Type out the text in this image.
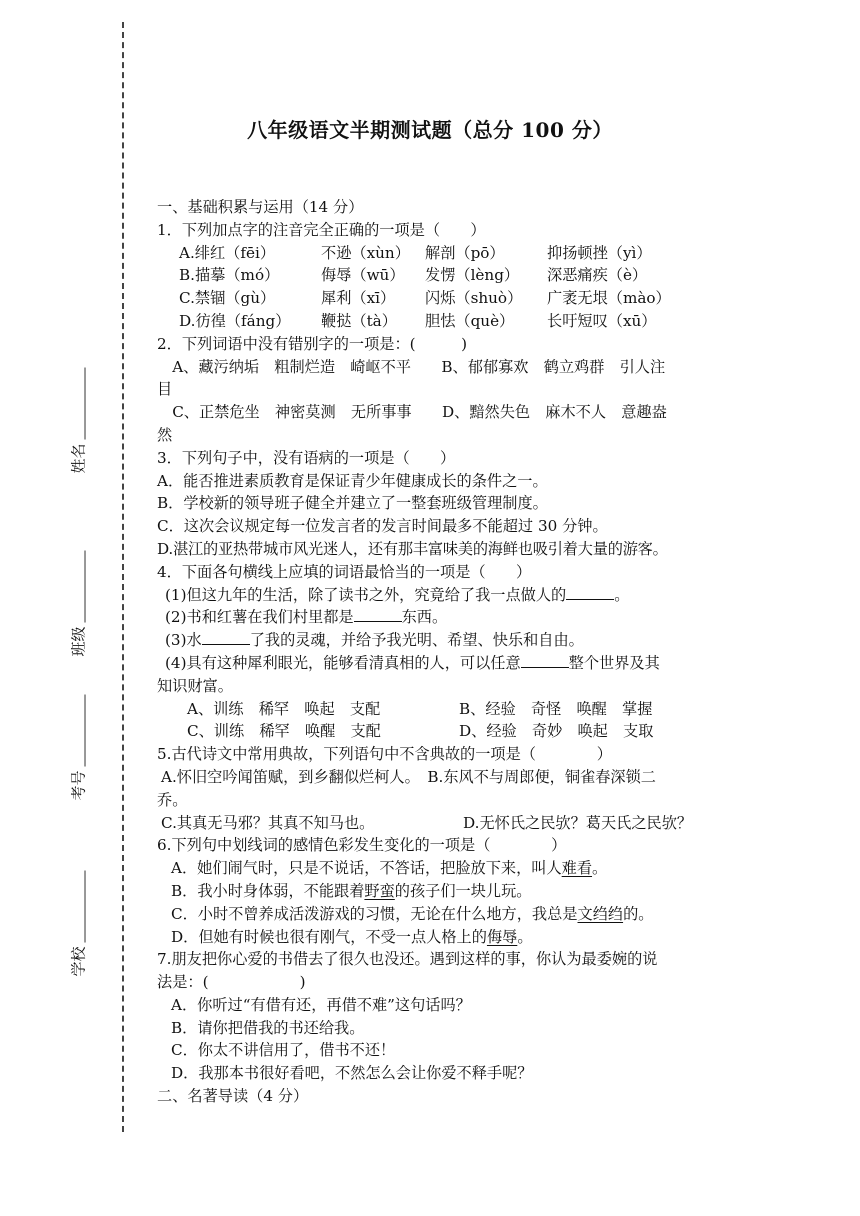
姓名
班级
考号
学校
八年级语文半期测试题（总分 100 分）
一、基础积累与运用（14 分）
1．下列加点字的注音完全正确的一项是（　　）
A.绯红（fēi）	不逊（xùn） 解剖（pō）	抑扬顿挫（yì）
B.描摹（mó）	侮辱（wū）	发愣（lèng）	深恶痛疾（è）
C.禁锢（gù）	犀利（xī）	闪烁（shuò）	广袤无垠（mào）
D.彷徨（fáng）	鞭挞（tà）	胆怯（què）	长吁短叹（xū）
2．下列词语中没有错别字的一项是：(　　　)
　A、藏污纳垢　粗制烂造　崎岖不平　　B、郁郁寡欢　鹤立鸡群　引人注
目
　C、正禁危坐　神密莫测　无所事事　　D、黯然失色　麻木不人　意趣盎
然
3．下列句子中，没有语病的一项是（　　）
A．能否推进素质教育是保证青少年健康成长的条件之一。
B．学校新的领导班子健全并建立了一整套班级管理制度。
C．这次会议规定每一位发言者的发言时间最多不能超过 30 分钟。
D.湛江的亚热带城市风光迷人，还有那丰富味美的海鲜也吸引着大量的游客。
4．下面各句横线上应填的词语最恰当的一项是（　　）
(1)但这九年的生活，除了读书之外，究竟给了我一点做人的	。
(2)书和红薯在我们村里都是	东西。
(3)水	了我的灵魂，并给予我光明、希望、快乐和自由。
(4)具有这种犀利眼光，能够看清真相的人，可以任意	整个世界及其
知识财富。
A、训练　稀罕　唤起　支配	B、经验　奇怪　唤醒　掌握
C、训练　稀罕　唤醒　支配	D、经验　奇妙　唤起　支取
5.古代诗文中常用典故，下列语句中不含典故的一项是（　　　　）
A.怀旧空吟闻笛赋，到乡翻似烂柯人。　B.东风不与周郎便，铜雀春深锁二
乔。
C.其真无马邪？其真不知马也。	D.无怀氏之民欤？葛天氏之民欤？
6.下列句中划线词的感情色彩发生变化的一项是（　　　　）
A．她们闹气时，只是不说话，不答话，把脸放下来，叫人难看。
B．我小时身体弱，不能跟着野蛮的孩子们一块儿玩。
C．小时不曾养成活泼游戏的习惯，无论在什么地方，我总是文绉绉的。
D．但她有时候也很有刚气，不受一点人格上的侮辱。
7.朋友把你心爱的书借去了很久也没还。遇到这样的事，你认为最委婉的说
法是：(　　　　　　)
A．你听过“有借有还，再借不难”这句话吗？
B．请你把借我的书还给我。
C．你太不讲信用了，借书不还！
D．我那本书很好看吧，不然怎么会让你爱不释手呢？
二、名著导读（4 分）
